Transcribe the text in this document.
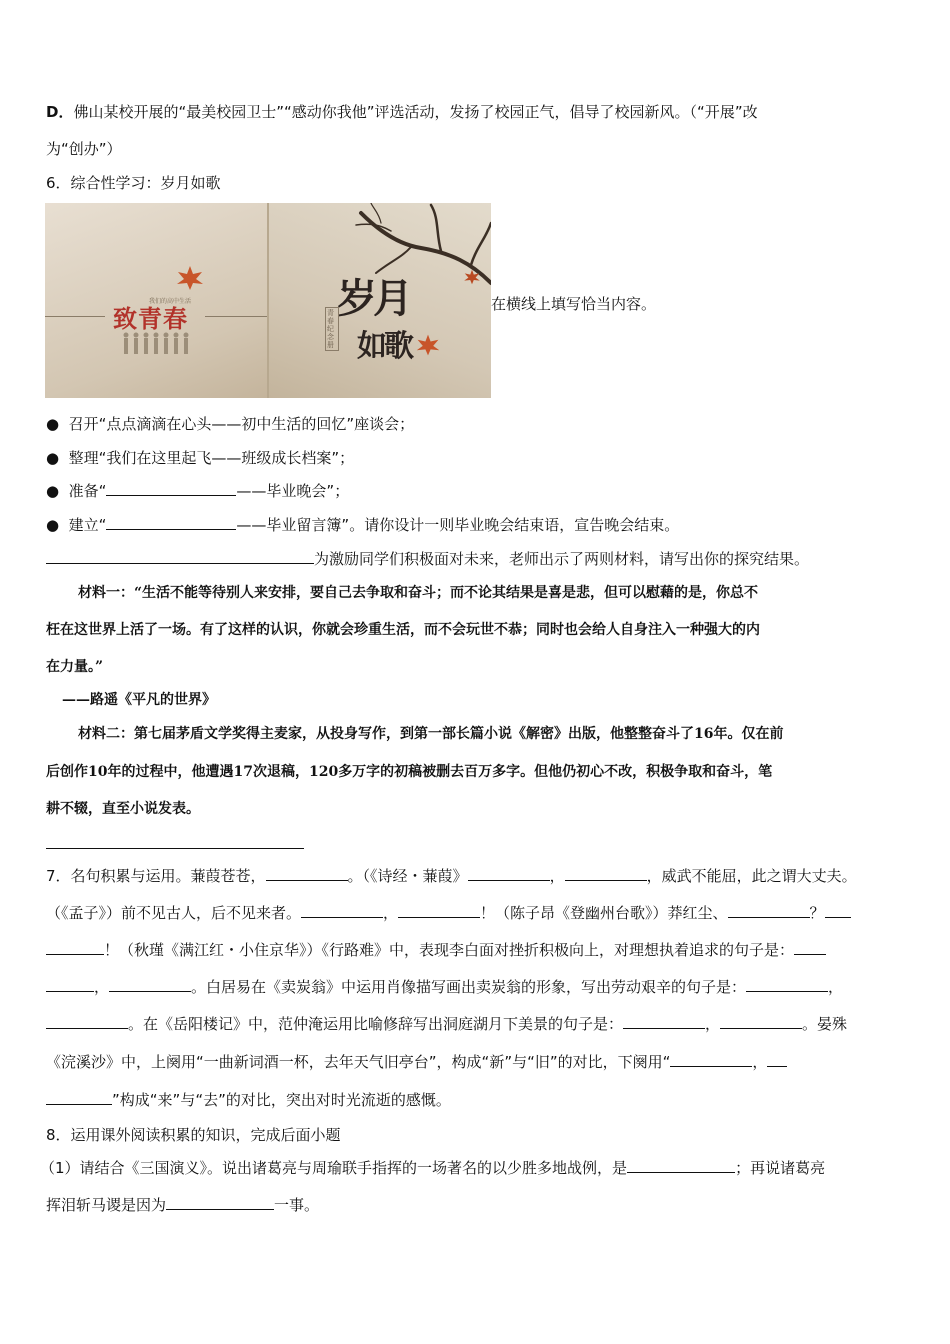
D．佛山某校开展的“最美校园卫士”“感动你我他”评选活动，发扬了校园正气，倡导了校园新风。（“开展”改
为“创办”）
6．综合性学习：岁月如歌
致青春
我们的高中生活	岁月
如歌
青春纪念册
在横线上填写恰当内容。
● 召开“点点滴滴在心头——初中生活的回忆”座谈会；
● 整理“我们在这里起飞——班级成长档案”；
● 准备“	——毕业晚会”；
● 建立“	——毕业留言簿”。请你设计一则毕业晚会结束语，宣告晚会结束。
为激励同学们积极面对未来，老师出示了两则材料，请写出你的探究结果。
材料一：“生活不能等待别人来安排，要自己去争取和奋斗；而不论其结果是喜是悲，但可以慰藉的是，你总不
枉在这世界上活了一场。有了这样的认识，你就会珍重生活，而不会玩世不恭；同时也会给人自身注入一种强大的内
在力量。”
——路遥《平凡的世界》
材料二：第七届茅盾文学奖得主麦家，从投身写作，到第一部长篇小说《解密》出版，他整整奋斗了16年。仅在前
后创作10年的过程中，他遭遇17次退稿，120多万字的初稿被删去百万多字。但他仍初心不改，积极争取和奋斗，笔
耕不辍，直至小说发表。
7．名句积累与运用。蒹葭苍苍，	。（《诗经・蒹葭》	，	，威武不能屈，此之谓大丈夫。
（《孟子》）前不见古人，后不见来者。	，	！（陈子昂《登幽州台歌》）莽红尘、	？
！（秋瑾《满江红・小住京华》）《行路难》中，表现李白面对挫折积极向上，对理想执着追求的句子是：
，	。白居易在《卖炭翁》中运用肖像描写画出卖炭翁的形象，写出劳动艰辛的句子是：	，
。在《岳阳楼记》中，范仲淹运用比喻修辞写出洞庭湖月下美景的句子是：	，	。晏殊
《浣溪沙》中，上阕用“一曲新词酒一杯，去年天气旧亭台”，构成“新”与“旧”的对比，下阕用“	，
”构成“来”与“去”的对比，突出对时光流逝的感慨。
8．运用课外阅读积累的知识，完成后面小题
（1）请结合《三国演义》。说出诸葛亮与周瑜联手指挥的一场著名的以少胜多地战例，是	；再说诸葛亮
挥泪斩马谡是因为	一事。
